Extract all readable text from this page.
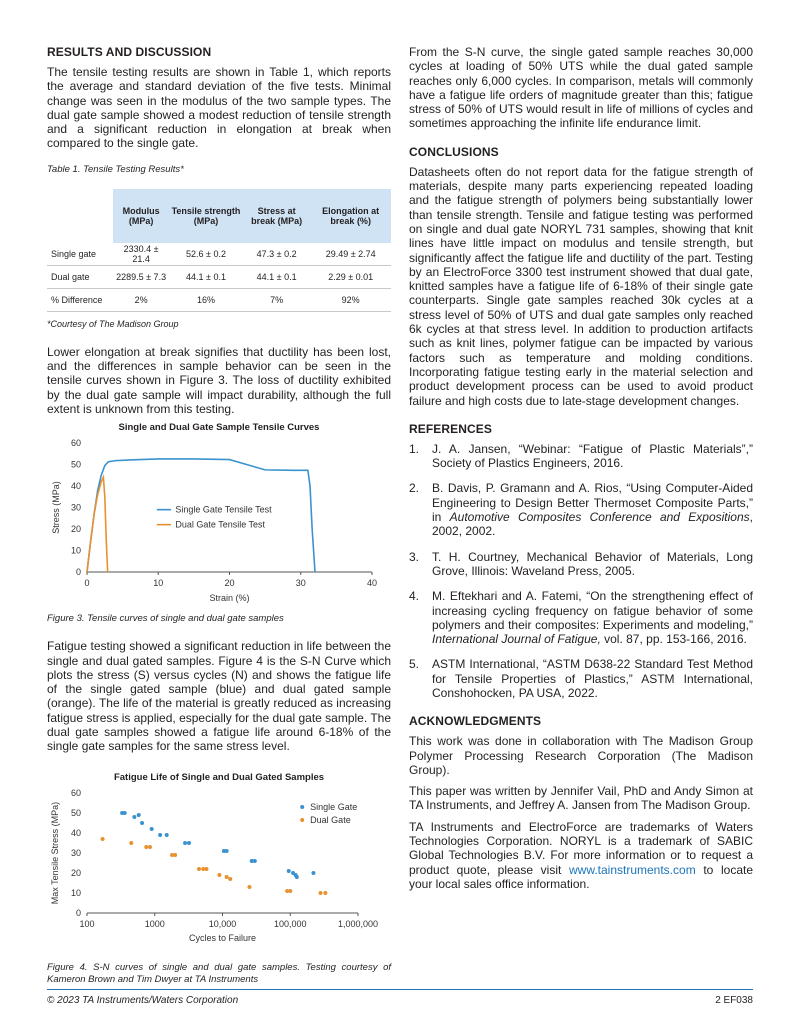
RESULTS AND DISCUSSION

The tensile testing results are shown in Table 1, which reports the average and standard deviation of the five tests. Minimal change was seen in the modulus of the two sample types. The dual gate sample showed a modest reduction of tensile strength and a significant reduction in elongation at break when compared to the single gate.

Table 1. Tensile Testing Results*

	Modulus (MPa)	Tensile strength (MPa)	Stress at break (MPa)	Elongation at break (%)
Single gate	2330.4 ± 21.4	52.6 ± 0.2	47.3 ± 0.2	29.49 ± 2.74
Dual gate	2289.5 ± 7.3	44.1 ± 0.1	44.1 ± 0.1	2.29 ± 0.01
% Difference	2%	16%	7%	92%

*Courtesy of The Madison Group

Lower elongation at break signifies that ductility has been lost, and the differences in sample behavior can be seen in the tensile curves shown in Figure 3. The loss of ductility exhibited by the dual gate sample will impact durability, although the full extent is unknown from this testing.

Single and Dual Gate Sample Tensile Curves
0
10
20
30
40
50
60
0	10	20	30	40
Strain (%)
Stress (MPa)	Single Gate Tensile Test
Dual Gate Tensile Test

Figure 3. Tensile curves of single and dual gate samples

Fatigue testing showed a significant reduction in life between the single and dual gated samples. Figure 4 is the S-N Curve which plots the stress (S) versus cycles (N) and shows the fatigue life of the single gated sample (blue) and dual gated sample (orange). The life of the material is greatly reduced as increasing fatigue stress is applied, especially for the dual gate sample. The dual gate samples showed a fatigue life around 6-18% of the single gate samples for the same stress level.

Fatigue Life of Single and Dual Gated Samples
0
10
20
30
40
50
60
100	1000	10,000	100,000	1,000,000
Cycles to Failure
Max Tensile Stress (MPa)	Single Gate
Dual Gate

Figure 4. S-N curves of single and dual gate samples. Testing courtesy of Kameron Brown and Tim Dwyer at TA Instruments

From the S-N curve, the single gated sample reaches 30,000 cycles at loading of 50% UTS while the dual gated sample reaches only 6,000 cycles. In comparison, metals will commonly have a fatigue life orders of magnitude greater than this; fatigue stress of 50% of UTS would result in life of millions of cycles and sometimes approaching the infinite life endurance limit.

CONCLUSIONS

Datasheets often do not report data for the fatigue strength of materials, despite many parts experiencing repeated loading and the fatigue strength of polymers being substantially lower than tensile strength. Tensile and fatigue testing was performed on single and dual gate NORYL 731 samples, showing that knit lines have little impact on modulus and tensile strength, but significantly affect the fatigue life and ductility of the part. Testing by an ElectroForce 3300 test instrument showed that dual gate, knitted samples have a fatigue life of 6-18% of their single gate counterparts. Single gate samples reached 30k cycles at a stress level of 50% of UTS and dual gate samples only reached 6k cycles at that stress level. In addition to production artifacts such as knit lines, polymer fatigue can be impacted by various factors such as temperature and molding conditions. Incorporating fatigue testing early in the material selection and product development process can be used to avoid product failure and high costs due to late-stage development changes.

REFERENCES
1. J. A. Jansen, “Webinar: “Fatigue of Plastic Materials”,” Society of Plastics Engineers, 2016.
2. B. Davis, P. Gramann and A. Rios, “Using Computer-Aided Engineering to Design Better Thermoset Composite Parts,” in Automotive Composites Conference and Expositions, 2002, 2002.
3. T. H. Courtney, Mechanical Behavior of Materials, Long Grove, Illinois: Waveland Press, 2005.
4. M. Eftekhari and A. Fatemi, “On the strengthening effect of increasing cycling frequency on fatigue behavior of some polymers and their composites: Experiments and modeling,” International Journal of Fatigue, vol. 87, pp. 153-166, 2016.
5. ASTM International, “ASTM D638-22 Standard Test Method for Tensile Properties of Plastics,” ASTM International, Conshohocken, PA USA, 2022.
ACKNOWLEDGMENTS

This work was done in collaboration with The Madison Group Polymer Processing Research Corporation (The Madison Group).

This paper was written by Jennifer Vail, PhD and Andy Simon at TA Instruments, and Jeffrey A. Jansen from The Madison Group.

TA Instruments and ElectroForce are trademarks of Waters Technologies Corporation. NORYL is a trademark of SABIC Global Technologies B.V. For more information or to request a product quote, please visit www.tainstruments.com to locate your local sales office information.

© 2023 TA Instruments/Waters Corporation	2 EF038
